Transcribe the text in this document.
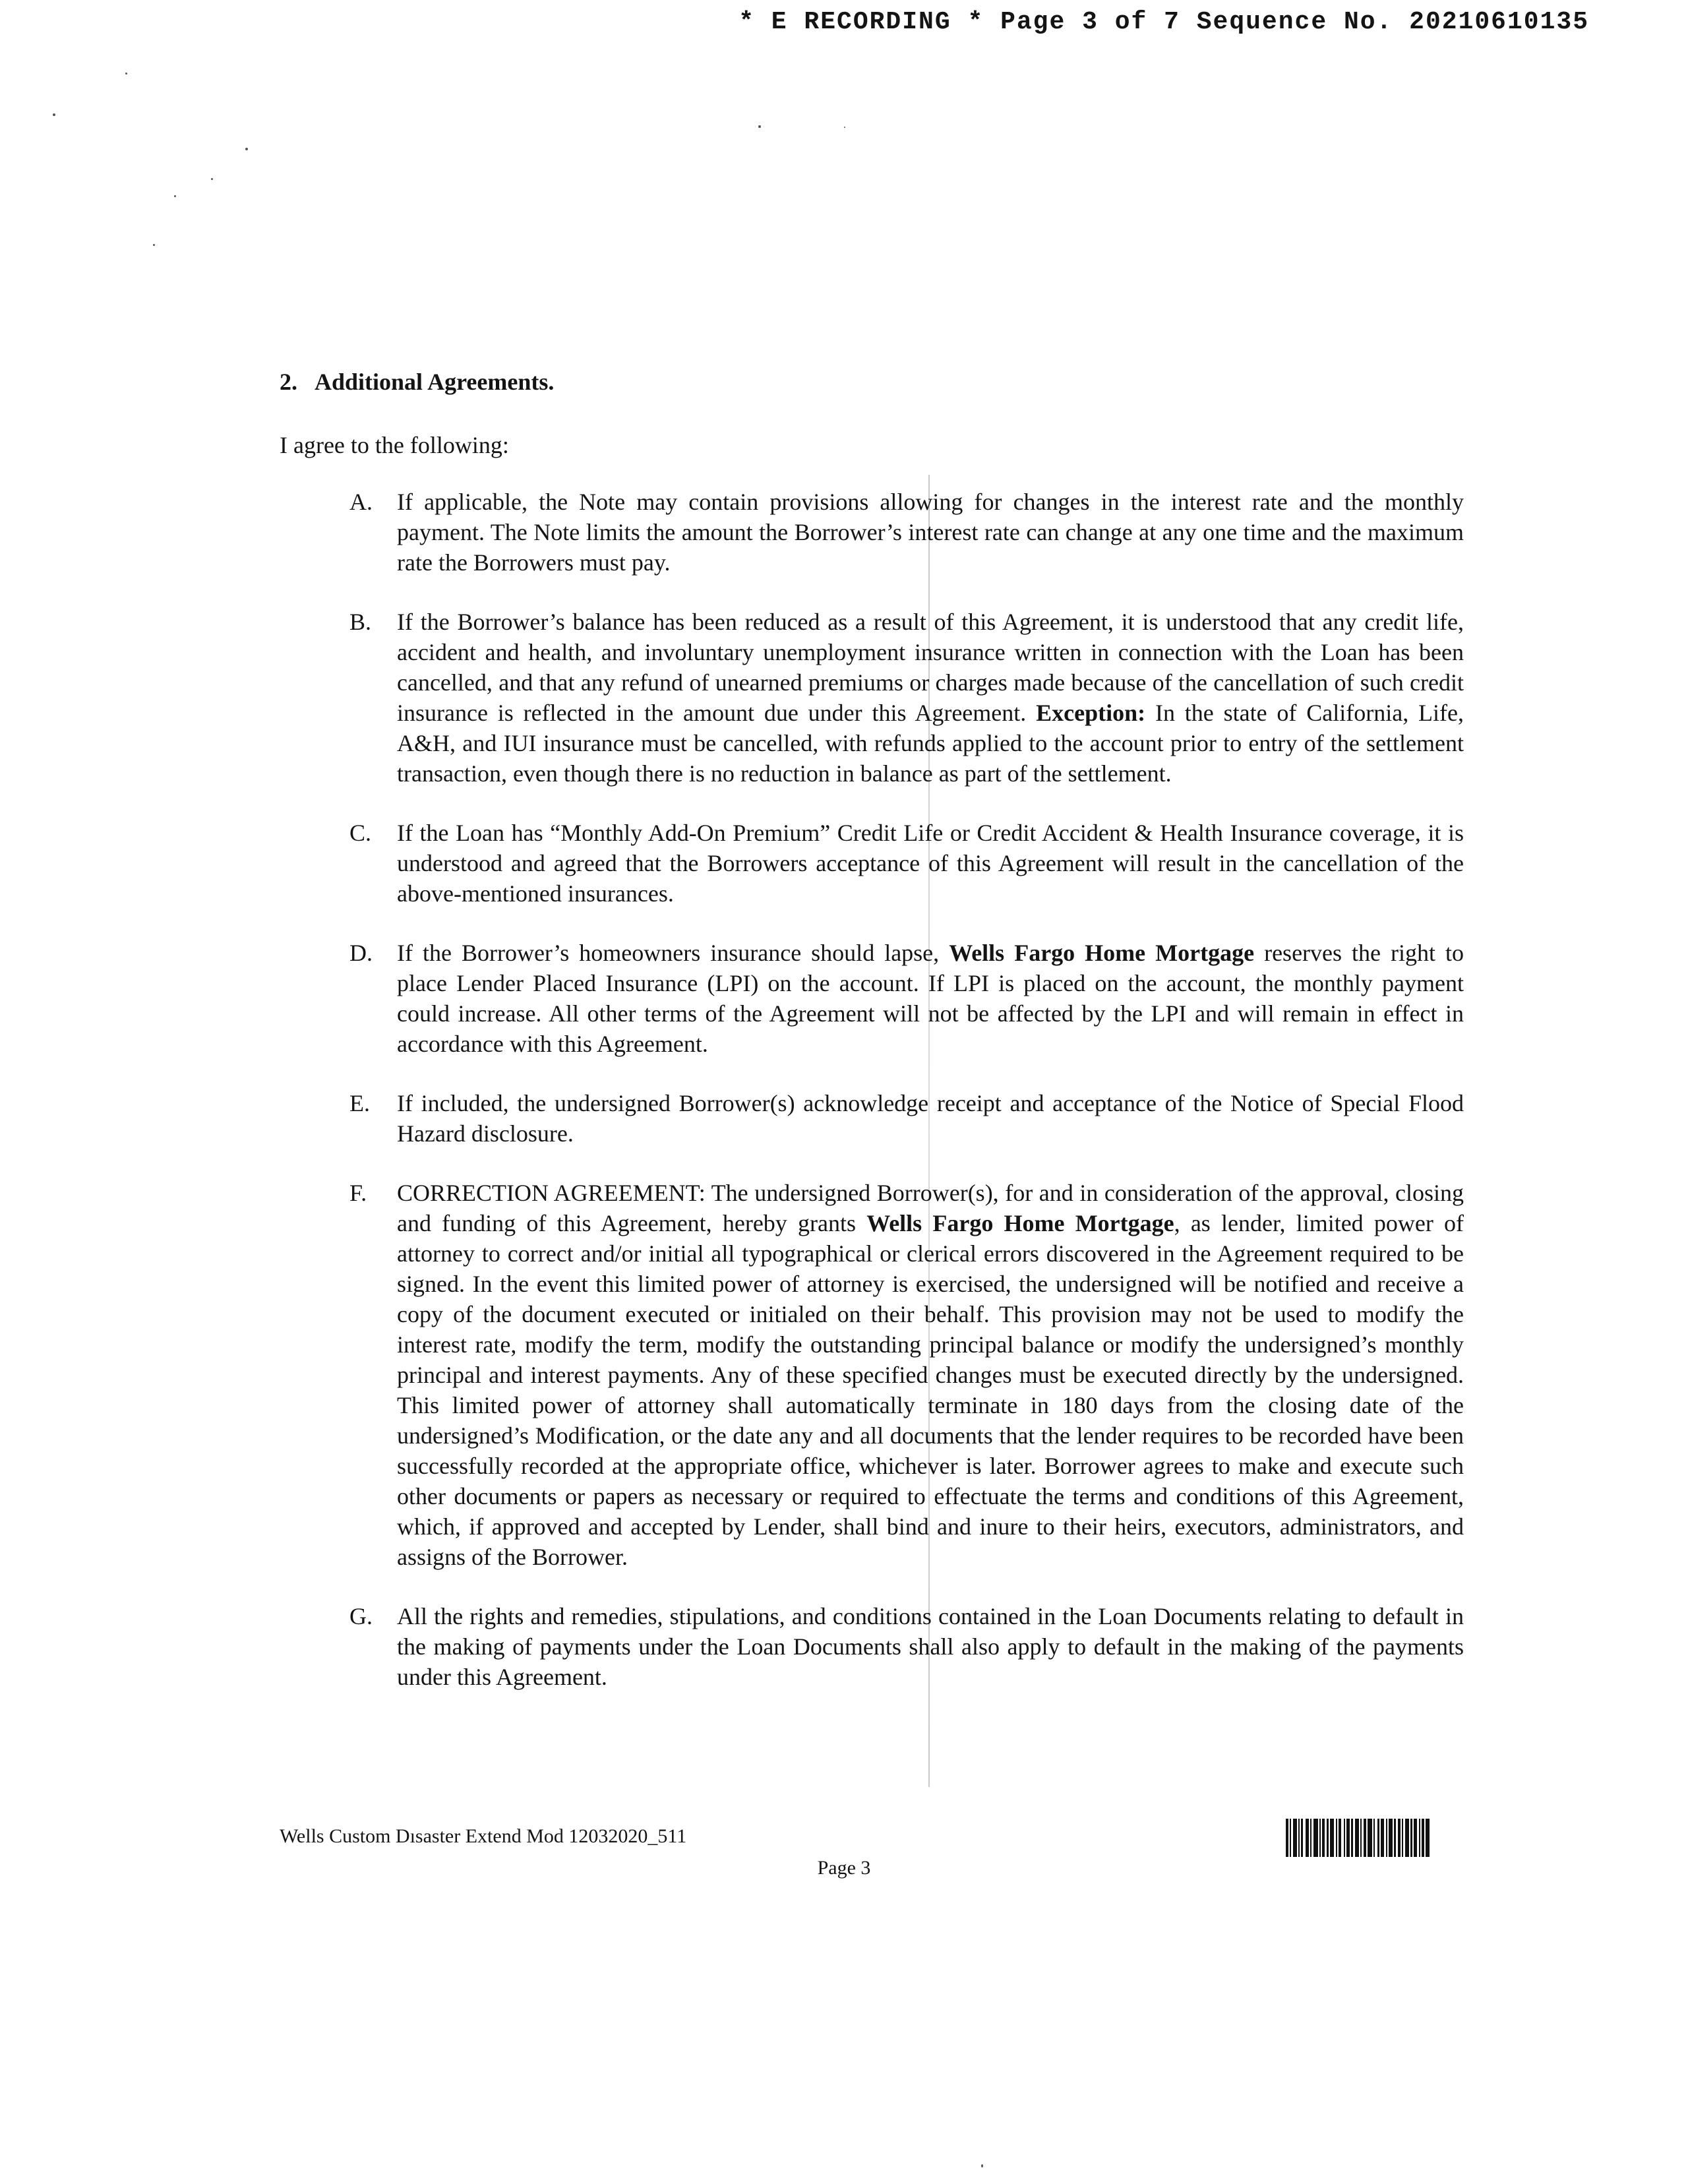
* E RECORDING * Page 3 of 7 Sequence No. 20210610135
2. Additional Agreements.
I agree to the following:
A. If applicable, the Note may contain provisions allowing for changes in the interest rate and the monthly payment. The Note limits the amount the Borrower’s interest rate can change at any one time and the maximum rate the Borrowers must pay.
B. If the Borrower’s balance has been reduced as a result of this Agreement, it is understood that any credit life, accident and health, and involuntary unemployment insurance written in connection with the Loan has been cancelled, and that any refund of unearned premiums or charges made because of the cancellation of such credit insurance is reflected in the amount due under this Agreement. Exception: In the state of California, Life, A&H, and IUI insurance must be cancelled, with refunds applied to the account prior to entry of the settlement transaction, even though there is no reduction in balance as part of the settlement.
C. If the Loan has “Monthly Add-On Premium” Credit Life or Credit Accident & Health Insurance coverage, it is understood and agreed that the Borrowers acceptance of this Agreement will result in the cancellation of the above-mentioned insurances.
D. If the Borrower’s homeowners insurance should lapse, Wells Fargo Home Mortgage reserves the right to place Lender Placed Insurance (LPI) on the account. If LPI is placed on the account, the monthly payment could increase. All other terms of the Agreement will not be affected by the LPI and will remain in effect in accordance with this Agreement.
E. If included, the undersigned Borrower(s) acknowledge receipt and acceptance of the Notice of Special Flood Hazard disclosure.
F. CORRECTION AGREEMENT: The undersigned Borrower(s), for and in consideration of the approval, closing and funding of this Agreement, hereby grants Wells Fargo Home Mortgage, as lender, limited power of attorney to correct and/or initial all typographical or clerical errors discovered in the Agreement required to be signed. In the event this limited power of attorney is exercised, the undersigned will be notified and receive a copy of the document executed or initialed on their behalf. This provision may not be used to modify the interest rate, modify the term, modify the outstanding principal balance or modify the undersigned’s monthly principal and interest payments. Any of these specified changes must be executed directly by the undersigned. This limited power of attorney shall automatically terminate in 180 days from the closing date of the undersigned’s Modification, or the date any and all documents that the lender requires to be recorded have been successfully recorded at the appropriate office, whichever is later. Borrower agrees to make and execute such other documents or papers as necessary or required to effectuate the terms and conditions of this Agreement, which, if approved and accepted by Lender, shall bind and inure to their heirs, executors, administrators, and assigns of the Borrower.
G. All the rights and remedies, stipulations, and conditions contained in the Loan Documents relating to default in the making of payments under the Loan Documents shall also apply to default in the making of the payments under this Agreement.
Wells Custom Dısaster Extend Mod 12032020_511
Page 3
